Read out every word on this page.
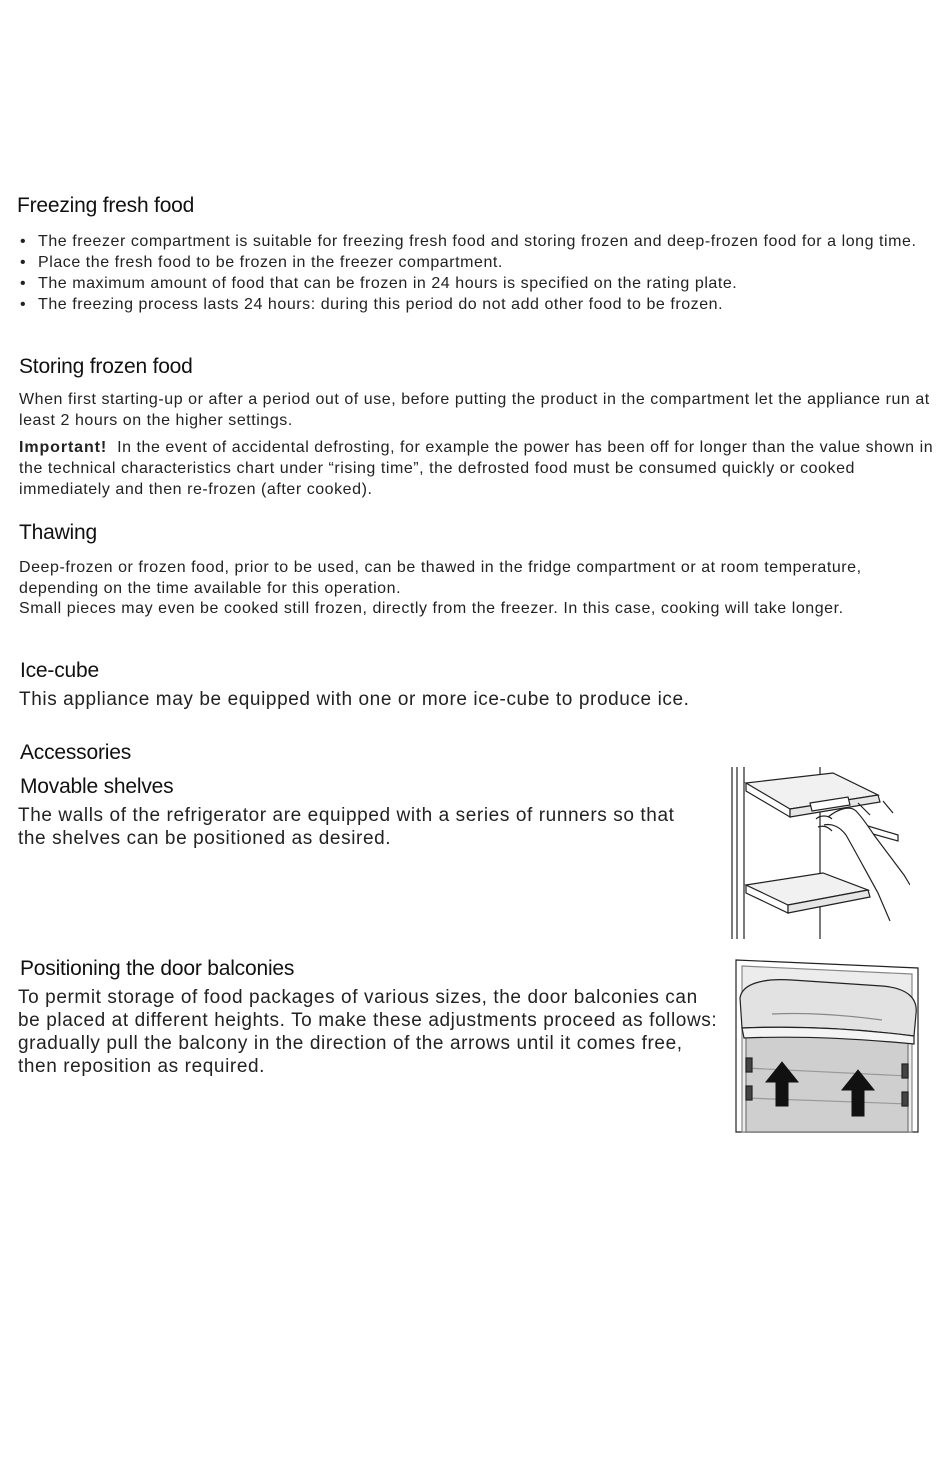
Freezing fresh food
• The freezer compartment is suitable for freezing fresh food and storing frozen and deep-frozen food for a long time.
• Place the fresh food to be frozen in the freezer compartment.
• The maximum amount of food that can be frozen in 24 hours is specified on the rating plate.
• The freezing process lasts 24 hours: during this period do not add other food to be frozen.
Storing frozen food

When first starting-up or after a period out of use, before putting the product in the compartment let the appliance run at least 2 hours on the higher settings.

Important! In the event of accidental defrosting, for example the power has been off for longer than the value shown in the technical characteristics chart under “rising time”, the defrosted food must be consumed quickly or cooked immediately and then re-frozen (after cooked).

Thawing

Deep-frozen or frozen food, prior to be used, can be thawed in the fridge compartment or at room temperature, depending on the time available for this operation.

Small pieces may even be cooked still frozen, directly from the freezer. In this case, cooking will take longer.

Ice-cube

This appliance may be equipped with one or more ice-cube to produce ice.

Accessories
Movable shelves

The walls of the refrigerator are equipped with a series of runners so that the shelves can be positioned as desired.

Positioning the door balconies

To permit storage of food packages of various sizes, the door balconies can be placed at different heights. To make these adjustments proceed as follows: gradually pull the balcony in the direction of the arrows until it comes free, then reposition as required.
